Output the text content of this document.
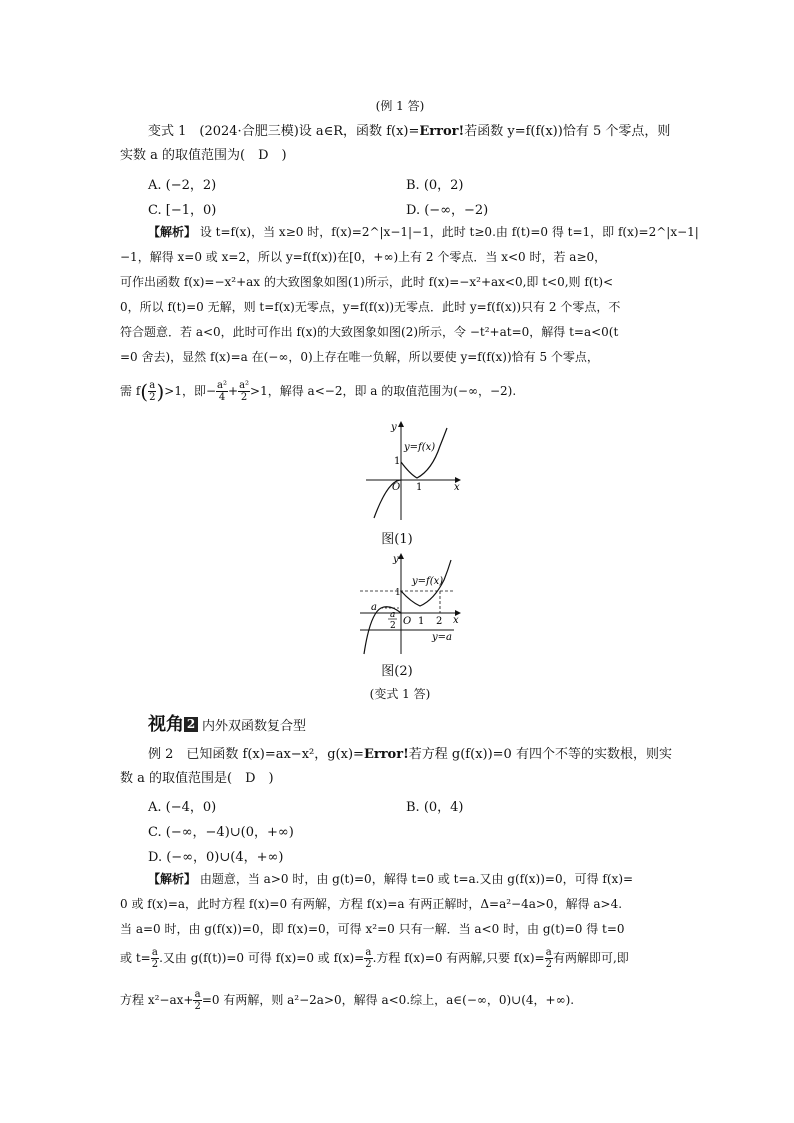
(例 1 答)
变式 1　(2024·合肥三模)设 a∈R，函数 f(x)=Error!若函数 y=f(f(x))恰有 5 个零点，则
实数 a 的取值范围为(　D　)
A. (−2，2)	B. (0，2)
C. [−1，0)	D. (−∞，−2)
【解析】 设 t=f(x)，当 x≥0 时，f(x)=2^|x−1|−1，此时 t≥0.由 f(t)=0 得 t=1，即 f(x)=2^|x−1|
−1，解得 x=0 或 x=2，所以 y=f(f(x))在[0，+∞)上有 2 个零点．当 x<0 时，若 a≥0，
可作出函数 f(x)=−x²+ax 的大致图象如图(1)所示，此时 f(x)=−x²+ax<0,即 t<0,则 f(t)<
0，所以 f(t)=0 无解，则 t=f(x)无零点，y=f(f(x))无零点．此时 y=f(f(x))只有 2 个零点，不
符合题意．若 a<0，此时可作出 f(x)的大致图象如图(2)所示，令 −t²+at=0，解得 t=a<0(t
=0 舍去)，显然 f(x)=a 在(−∞，0)上存在唯一负解，所以要使 y=f(f(x))恰有 5 个零点，
需 $f( \frac{a}{2} )>1$，即− $\frac{\text{a²}}{4} + \frac{\text{a²}}{2} >1$，解得 a<−2，即 a 的取值范围为(−∞，−2).
y
x
O
1
1
y=f(x)
图(1)
y
x
O
1
a
a
2 1 2
y=f(x)
y=a
图(2)
(变式 1 答)
视角 2 内外双函数复合型
例 2　已知函数 f(x)=ax−x²，g(x)=Error!若方程 g(f(x))=0 有四个不等的实数根，则实
数 a 的取值范围是(　D　)
A. (−4，0)	B. (0，4)
C. (−∞，−4)∪(0，+∞)
D. (−∞，0)∪(4，+∞)
【解析】 由题意，当 a>0 时，由 g(t)=0，解得 t=0 或 t=a.又由 g(f(x))=0，可得 f(x)=
0 或 f(x)=a，此时方程 f(x)=0 有两解，方程 f(x)=a 有两正解时，Δ=a²−4a>0，解得 a>4.
当 a=0 时，由 g(f(x))=0，即 f(x)=0，可得 x²=0 只有一解．当 a<0 时，由 g(t)=0 得 t=0
或 $t= \frac{a}{2}$ .又由 g(f(t))=0 可得 f(x)=0 或 $f(x)= \frac{a}{2}$ .方程 f(x)=0 有两解,只要 $f(x)= \frac{a}{2}$ 有两解即可,即
方程 $x^2-ax+ \frac{a}{2} =0$ 有两解，则 a²−2a>0，解得 a<0.综上，a∈(−∞，0)∪(4，+∞).
